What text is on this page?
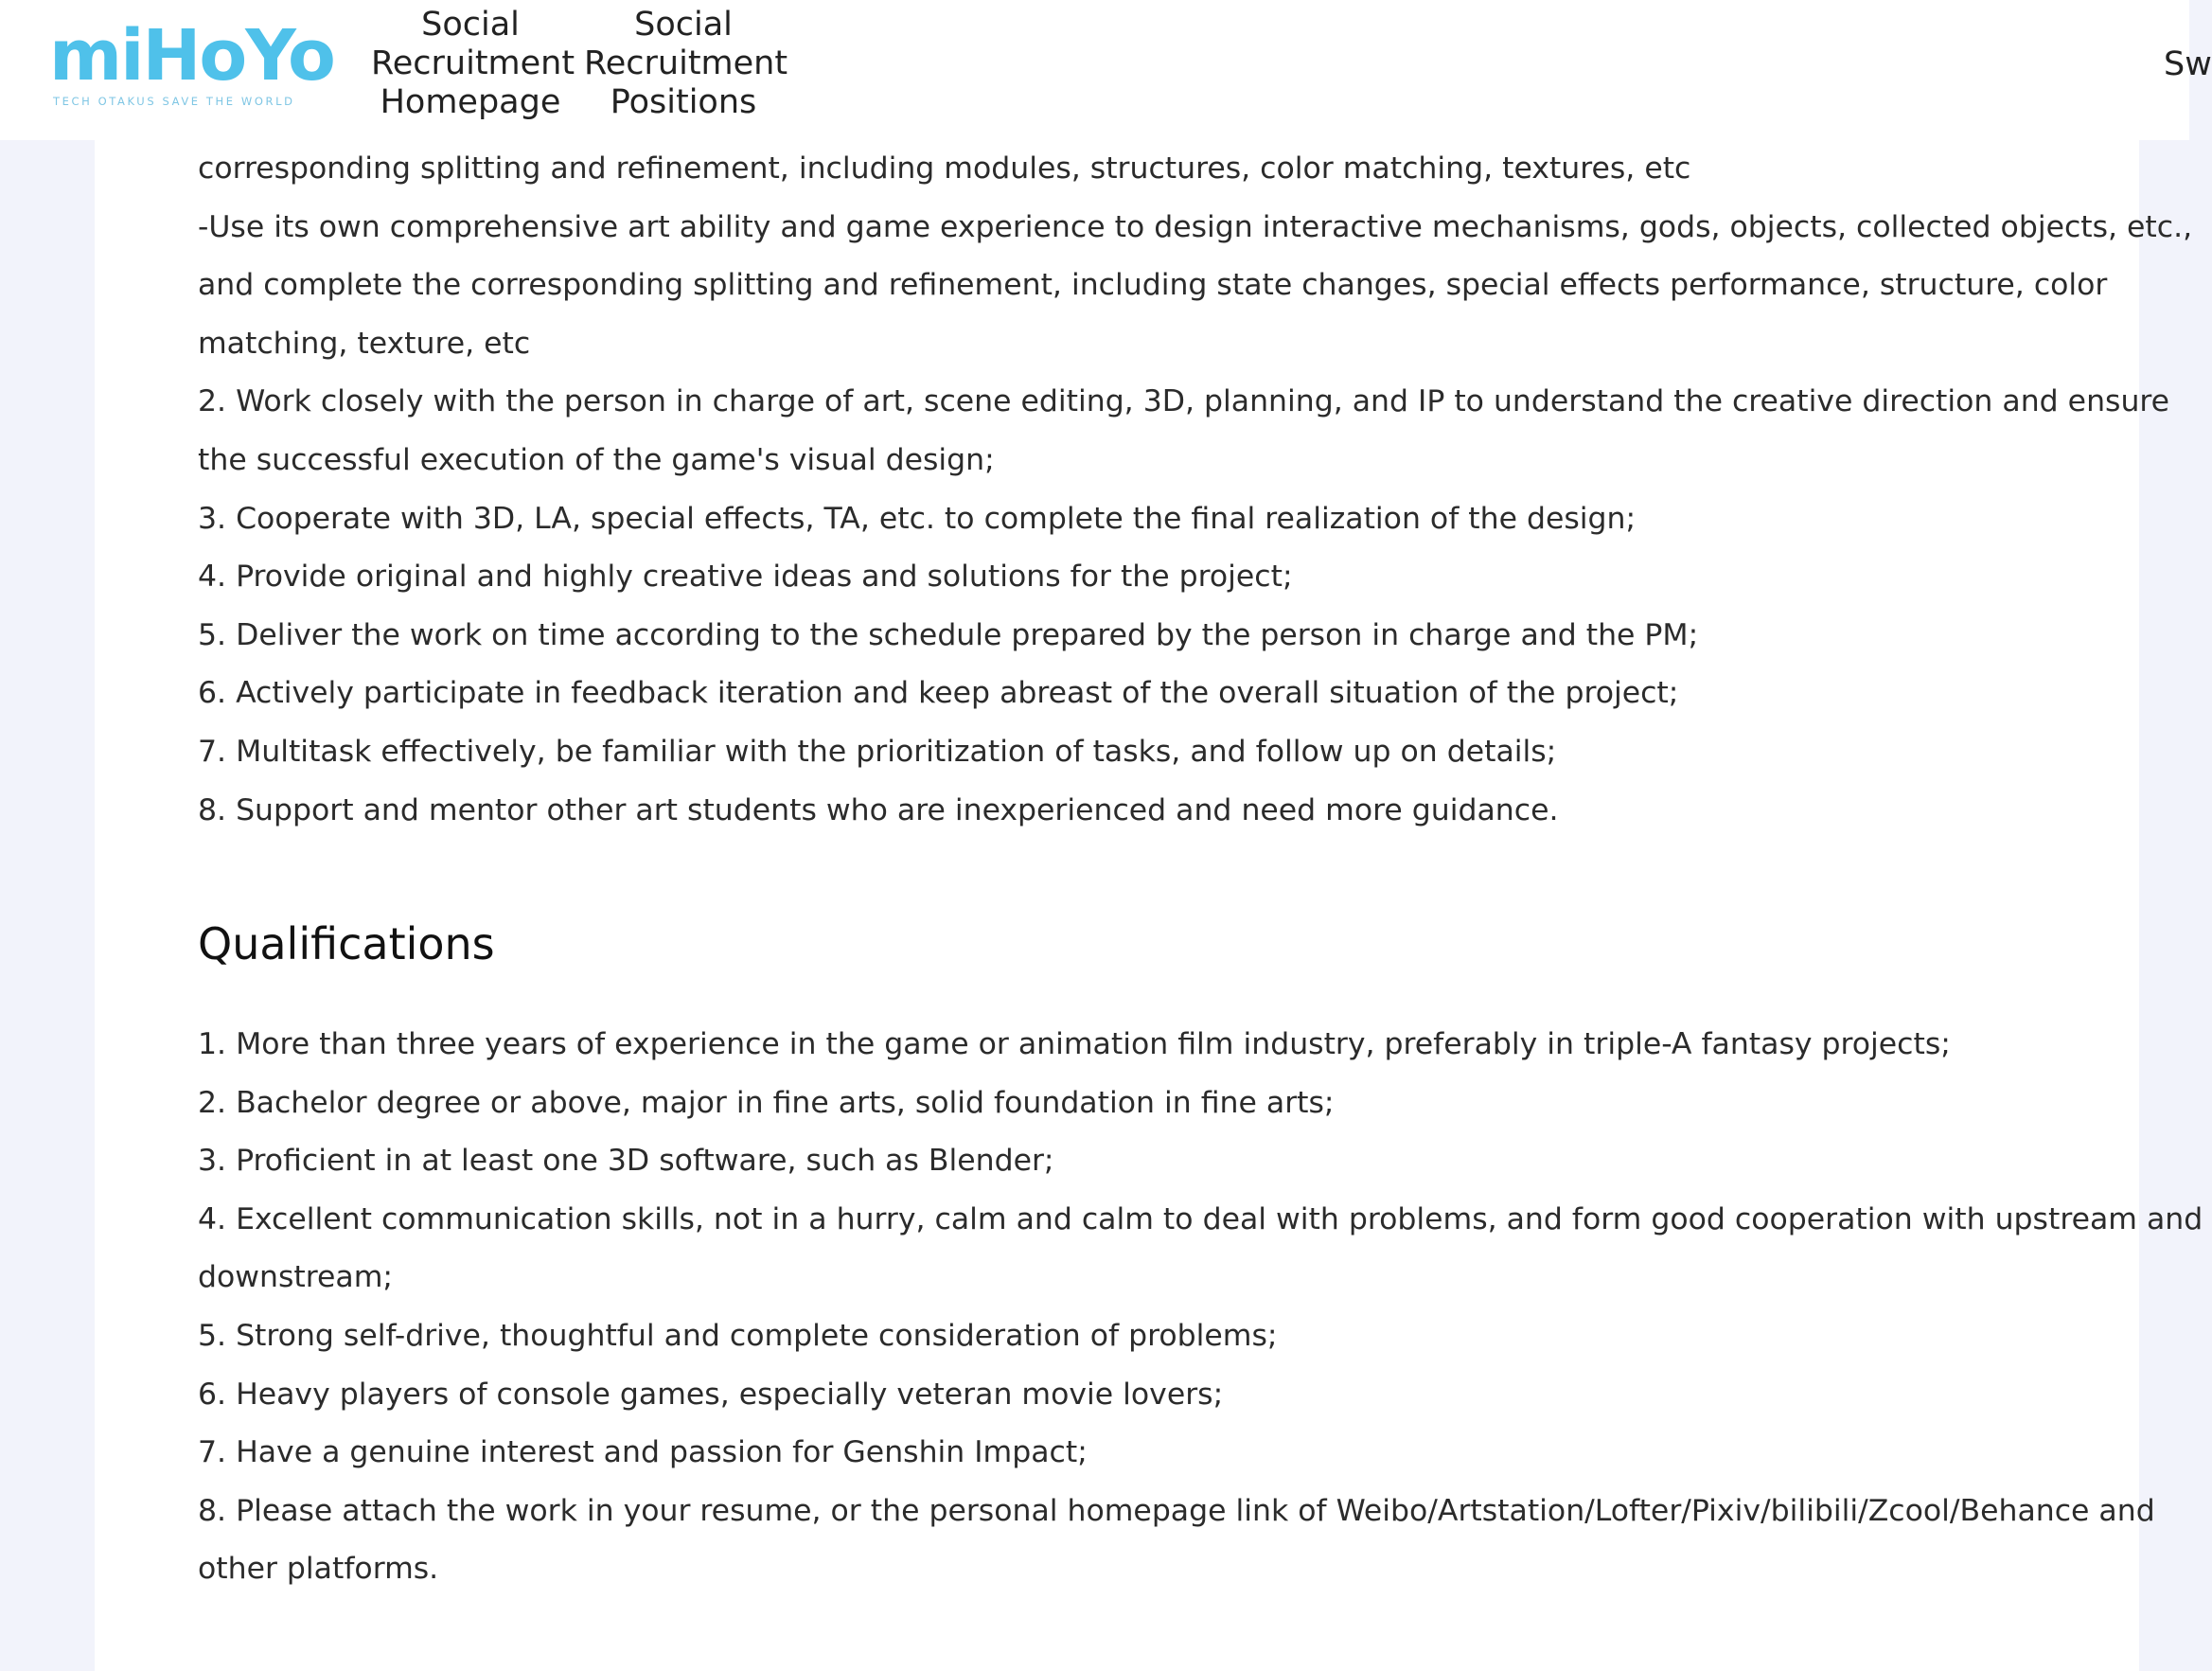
corresponding splitting and refinement, including modules, structures, color matching, textures, etc

-Use its own comprehensive art ability and game experience to design interactive mechanisms, gods, objects, collected objects, etc.,

and complete the corresponding splitting and refinement, including state changes, special effects performance, structure, color

matching, texture, etc

2. Work closely with the person in charge of art, scene editing, 3D, planning, and IP to understand the creative direction and ensure

the successful execution of the game's visual design;

3. Cooperate with 3D, LA, special effects, TA, etc. to complete the final realization of the design;

4. Provide original and highly creative ideas and solutions for the project;

5. Deliver the work on time according to the schedule prepared by the person in charge and the PM;

6. Actively participate in feedback iteration and keep abreast of the overall situation of the project;

7. Multitask effectively, be familiar with the prioritization of tasks, and follow up on details;

8. Support and mentor other art students who are inexperienced and need more guidance.

Qualifications

1. More than three years of experience in the game or animation film industry, preferably in triple-A fantasy projects;

2. Bachelor degree or above, major in fine arts, solid foundation in fine arts;

3. Proficient in at least one 3D software, such as Blender;

4. Excellent communication skills, not in a hurry, calm and calm to deal with problems, and form good cooperation with upstream and

downstream;

5. Strong self-drive, thoughtful and complete consideration of problems;

6. Heavy players of console games, especially veteran movie lovers;

7. Have a genuine interest and passion for Genshin Impact;

8. Please attach the work in your resume, or the personal homepage link of Weibo/Artstation/Lofter/Pixiv/bilibili/Zcool/Behance and

other platforms.

miHoYo
TECH OTAKUS SAVE THE WORLD
Social
Recruitment
Homepage
Social
Recruitment
Positions
Sw
